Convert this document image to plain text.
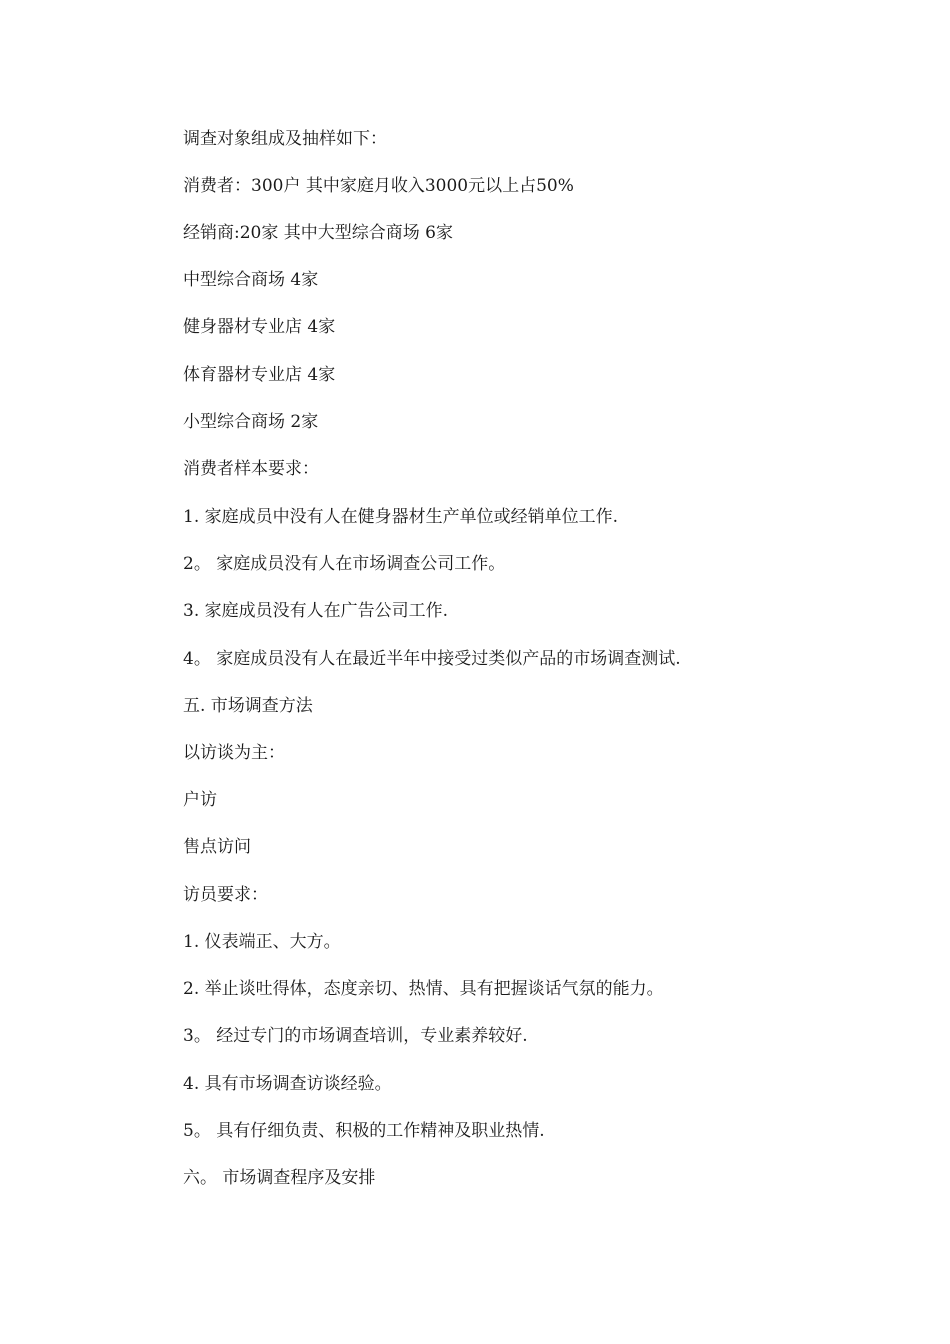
调查对象组成及抽样如下：

消费者：300户 其中家庭月收入3000元以上占50%

经销商:20家 其中大型综合商场 6家

中型综合商场 4家

健身器材专业店 4家

体育器材专业店 4家

小型综合商场 2家

消费者样本要求：

1. 家庭成员中没有人在健身器材生产单位或经销单位工作.

2。 家庭成员没有人在市场调查公司工作。

3. 家庭成员没有人在广告公司工作.

4。 家庭成员没有人在最近半年中接受过类似产品的市场调查测试.

五. 市场调查方法

以访谈为主：

户访

售点访问

访员要求：

1. 仪表端正、大方。

2. 举止谈吐得体，态度亲切、热情、具有把握谈话气氛的能力。

3。 经过专门的市场调查培训，专业素养较好.

4. 具有市场调查访谈经验。

5。 具有仔细负责、积极的工作精神及职业热情.

六。 市场调查程序及安排
